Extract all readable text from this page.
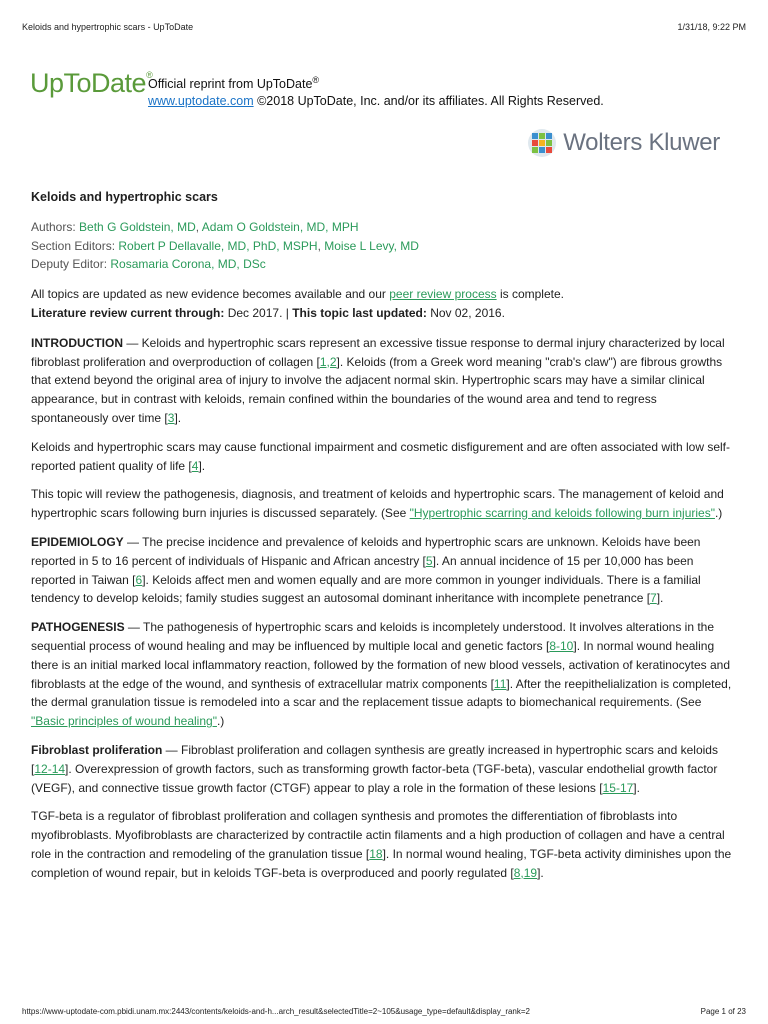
Keloids and hypertrophic scars - UpToDate	1/31/18, 9:22 PM
UpToDate®
Official reprint from UpToDate®
www.uptodate.com ©2018 UpToDate, Inc. and/or its affiliates. All Rights Reserved.
Wolters Kluwer
Keloids and hypertrophic scars

Authors: Beth G Goldstein, MD, Adam O Goldstein, MD, MPH

Section Editors: Robert P Dellavalle, MD, PhD, MSPH, Moise L Levy, MD

Deputy Editor: Rosamaria Corona, MD, DSc

All topics are updated as new evidence becomes available and our peer review process is complete.
Literature review current through: Dec 2017. | This topic last updated: Nov 02, 2016.

INTRODUCTION — Keloids and hypertrophic scars represent an excessive tissue response to dermal injury characterized by local fibroblast proliferation and overproduction of collagen [1,2]. Keloids (from a Greek word meaning "crab's claw") are fibrous growths that extend beyond the original area of injury to involve the adjacent normal skin. Hypertrophic scars may have a similar clinical appearance, but in contrast with keloids, remain confined within the boundaries of the wound area and tend to regress spontaneously over time [3].

Keloids and hypertrophic scars may cause functional impairment and cosmetic disfigurement and are often associated with low self-reported patient quality of life [4].

This topic will review the pathogenesis, diagnosis, and treatment of keloids and hypertrophic scars. The management of keloid and hypertrophic scars following burn injuries is discussed separately. (See "Hypertrophic scarring and keloids following burn injuries".)

EPIDEMIOLOGY — The precise incidence and prevalence of keloids and hypertrophic scars are unknown. Keloids have been reported in 5 to 16 percent of individuals of Hispanic and African ancestry [5]. An annual incidence of 15 per 10,000 has been reported in Taiwan [6]. Keloids affect men and women equally and are more common in younger individuals. There is a familial tendency to develop keloids; family studies suggest an autosomal dominant inheritance with incomplete penetrance [7].

PATHOGENESIS — The pathogenesis of hypertrophic scars and keloids is incompletely understood. It involves alterations in the sequential process of wound healing and may be influenced by multiple local and genetic factors [8-10]. In normal wound healing there is an initial marked local inflammatory reaction, followed by the formation of new blood vessels, activation of keratinocytes and fibroblasts at the edge of the wound, and synthesis of extracellular matrix components [11]. After the reepithelialization is completed, the dermal granulation tissue is remodeled into a scar and the replacement tissue adapts to biomechanical requirements. (See "Basic principles of wound healing".)

Fibroblast proliferation — Fibroblast proliferation and collagen synthesis are greatly increased in hypertrophic scars and keloids [12-14]. Overexpression of growth factors, such as transforming growth factor-beta (TGF-beta), vascular endothelial growth factor (VEGF), and connective tissue growth factor (CTGF) appear to play a role in the formation of these lesions [15-17].

TGF-beta is a regulator of fibroblast proliferation and collagen synthesis and promotes the differentiation of fibroblasts into myofibroblasts. Myofibroblasts are characterized by contractile actin filaments and a high production of collagen and have a central role in the contraction and remodeling of the granulation tissue [18]. In normal wound healing, TGF-beta activity diminishes upon the completion of wound repair, but in keloids TGF-beta is overproduced and poorly regulated [8,19].

https://www-uptodate-com.pbidi.unam.mx:2443/contents/keloids-and-h...arch_result&selectedTitle=2~105&usage_type=default&display_rank=2	Page 1 of 23
